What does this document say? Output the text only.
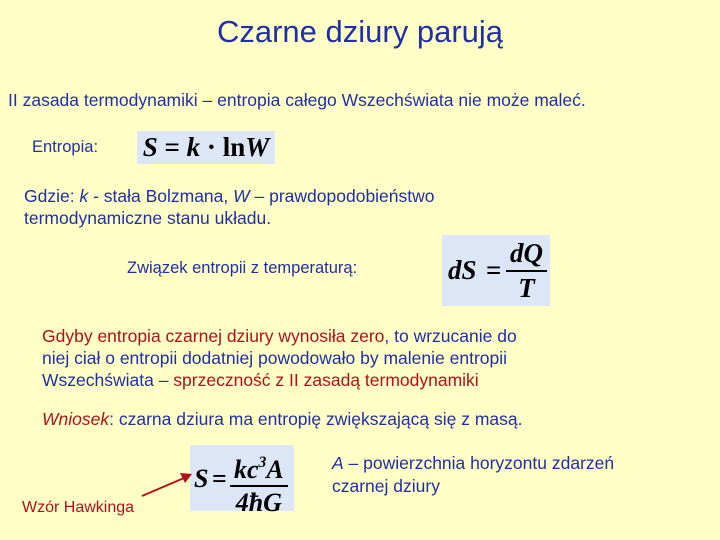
Czarne dziury parują
II zasada termodynamiki – entropia całego Wszechświata nie może maleć.
Entropia: S = k · lnW
Gdzie: k - stała Bolzmana, W – prawdopodobieństwo
termodynamiczne stanu układu.
Związek entropii z temperaturą:	dS = $\frac{dQ}{T}$
Gdyby entropia czarnej dziury wynosiła zero, to wrzucanie do
niej ciał o entropii dodatniej powodowało by malenie entropii
Wszechświata – sprzeczność z II zasadą termodynamiki
Wniosek: czarna dziura ma entropię zwiększającą się z masą.
$S = \frac{kc^3A}{4ħG}$	A – powierzchnia horyzontu zdarzeń
czarnej dziury
Wzór Hawkinga
